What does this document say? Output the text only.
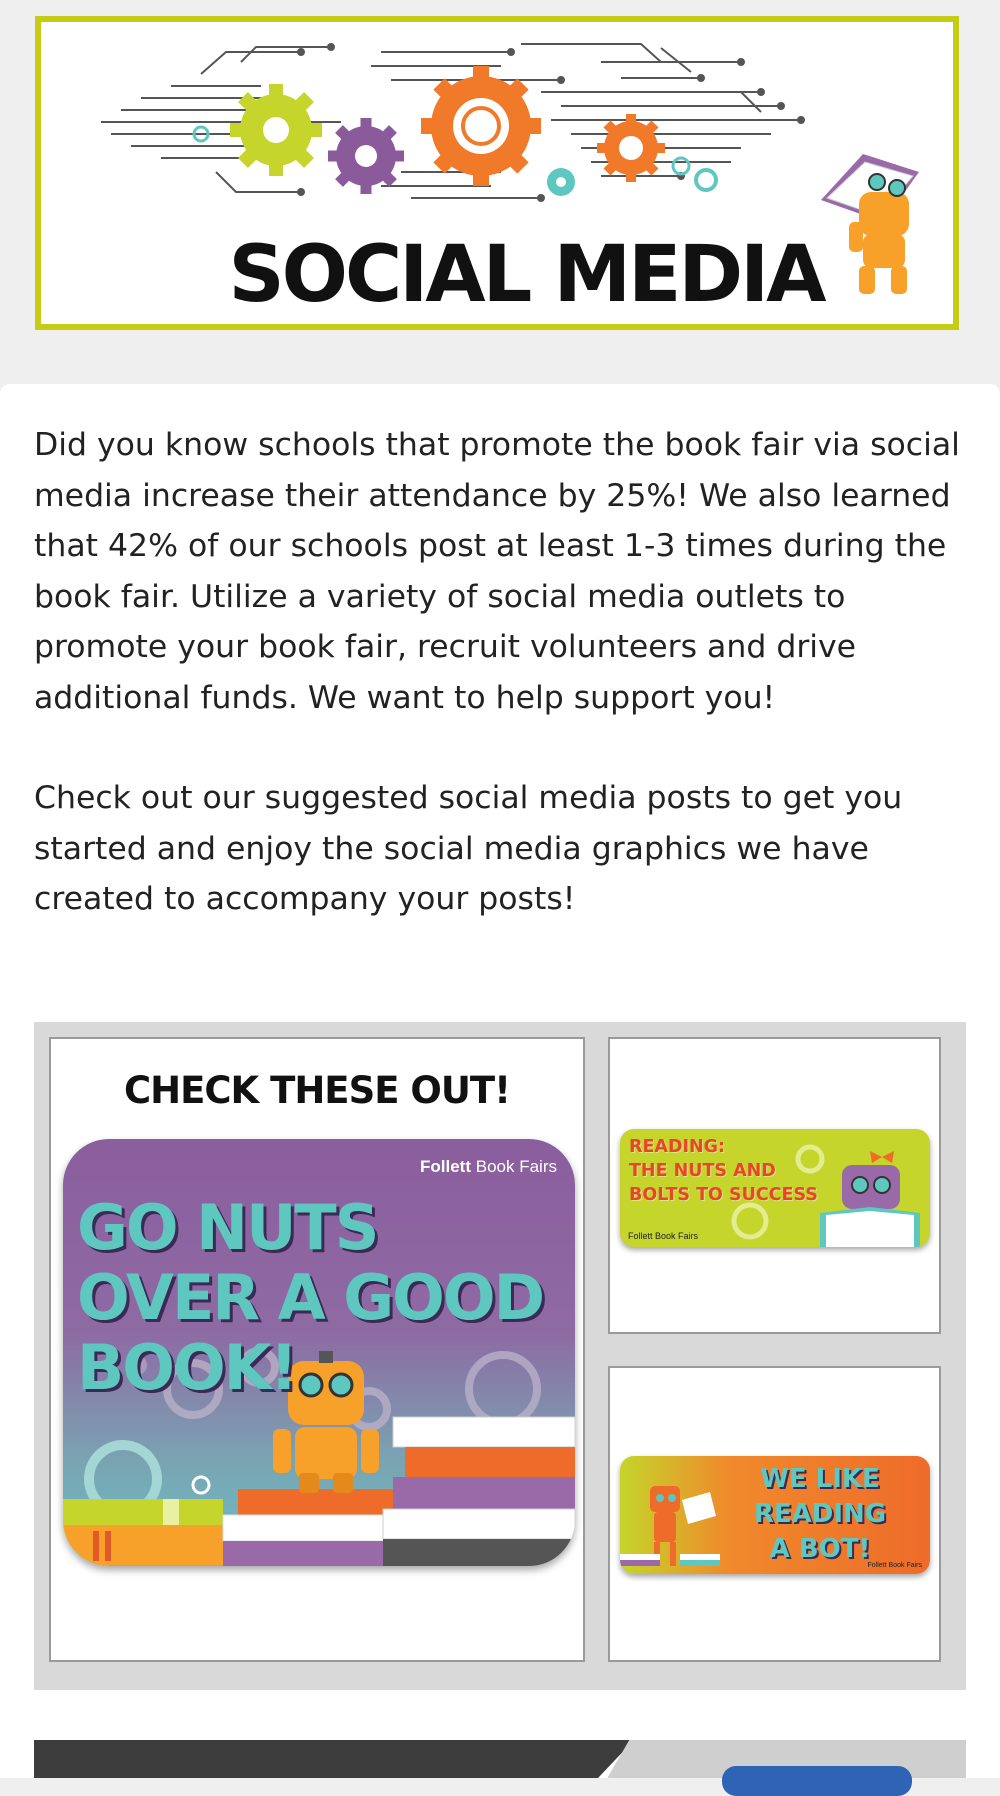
SOCIAL MEDIA

Did you know schools that promote the book fair via social media increase their attendance by 25%! We also learned that 42% of our schools post at least 1-3 times during the book fair. Utilize a variety of social media outlets to promote your book fair, recruit volunteers and drive additional funds. We want to help support you!

Check out our suggested social media posts to get you started and enjoy the social media graphics we have created to accompany your posts!

CHECK THESE OUT!
Follett Book Fairs
GO NUTS OVER A GOOD BOOK!
READING:
THE NUTS AND
BOLTS TO SUCCESS
Follett Book Fairs
WE LIKE
READING
A BOT!
Follett Book Fairs
